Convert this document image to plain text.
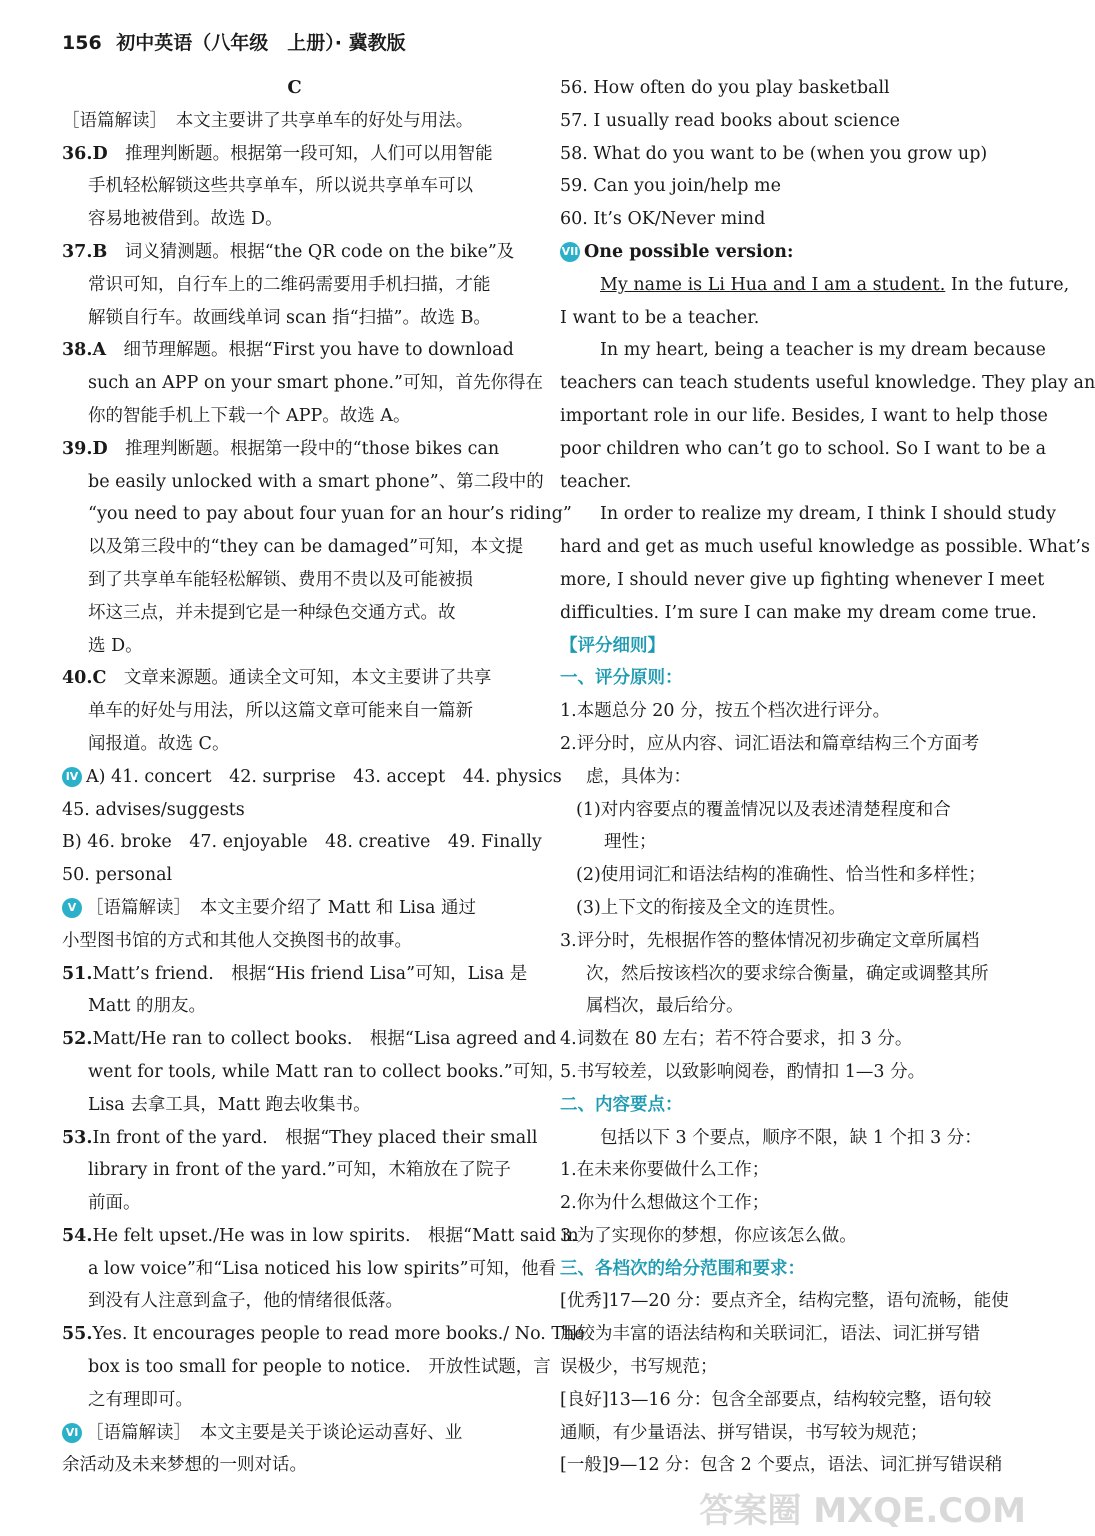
156 初中英语（八年级　上册）· 冀教版
C
［语篇解读］　本文主要讲了共享单车的好处与用法。
36.D　 推理判断题。根据第一段可知，人们可以用智能
手机轻松解锁这些共享单车，所以说共享单车可以
容易地被借到。故选 D。
37.B　 词义猜测题。根据“the QR code on the bike”及
常识可知，自行车上的二维码需要用手机扫描，才能
解锁自行车。故画线单词 scan 指“扫描”。故选 B。
38.A　 细节理解题。根据“First you have to download
such an APP on your smart phone.”可知，首先你得在
你的智能手机上下载一个 APP。故选 A。
39.D　 推理判断题。根据第一段中的“those bikes can
be easily unlocked with a smart phone”、第二段中的
“you need to pay about four yuan for an hour’s riding”
以及第三段中的“they can be damaged”可知，本文提
到了共享单车能轻松解锁、费用不贵以及可能被损
坏这三点，并未提到它是一种绿色交通方式。故
选 D。
40.C　 文章来源题。通读全文可知，本文主要讲了共享
单车的好处与用法，所以这篇文章可能来自一篇新
闻报道。故选 C。
IV A) 41. concert　42. surprise　43. accept　44. physics
45. advises/suggests
B) 46. broke　47. enjoyable　48. creative　49. Finally
50. personal
V ［语篇解读］　本文主要介绍了 Matt 和 Lisa 通过
小型图书馆的方式和其他人交换图书的故事。
51.Matt’s friend.　根据“His friend Lisa”可知，Lisa 是
Matt 的朋友。
52.Matt/He ran to collect books.　根据“Lisa agreed and
went for tools, while Matt ran to collect books.”可知，
Lisa 去拿工具，Matt 跑去收集书。
53.In front of the yard.　根据“They placed their small
library in front of the yard.”可知，木箱放在了院子
前面。
54.He felt upset./He was in low spirits.　根据“Matt said in
a low voice”和“Lisa noticed his low spirits”可知，他看
到没有人注意到盒子，他的情绪很低落。
55.Yes. It encourages people to read more books./ No. The
box is too small for people to notice.　开放性试题，言
之有理即可。
VI ［语篇解读］　本文主要是关于谈论运动喜好、业
余活动及未来梦想的一则对话。
56. How often do you play basketball
57. I usually read books about science
58. What do you want to be (when you grow up)
59. Can you join/help me
60. It’s OK/Never mind
VII One possible version:
My name is Li Hua and I am a student. In the future,
I want to be a teacher.
In my heart, being a teacher is my dream because
teachers can teach students useful knowledge. They play an
important role in our life. Besides, I want to help those
poor children who can’t go to school. So I want to be a
teacher.
In order to realize my dream, I think I should study
hard and get as much useful knowledge as possible. What’s
more, I should never give up fighting whenever I meet
difficulties. I’m sure I can make my dream come true.
【评分细则】
一、评分原则：
1.本题总分 20 分，按五个档次进行评分。
2.评分时，应从内容、词汇语法和篇章结构三个方面考
虑，具体为：
(1)对内容要点的覆盖情况以及表述清楚程度和合
理性；
(2)使用词汇和语法结构的准确性、恰当性和多样性；
(3)上下文的衔接及全文的连贯性。
3.评分时，先根据作答的整体情况初步确定文章所属档
次，然后按该档次的要求综合衡量，确定或调整其所
属档次，最后给分。
4.词数在 80 左右；若不符合要求，扣 3 分。
5.书写较差，以致影响阅卷，酌情扣 1—3 分。
二、内容要点：
包括以下 3 个要点，顺序不限，缺 1 个扣 3 分：
1.在未来你要做什么工作；
2.你为什么想做这个工作；
3.为了实现你的梦想，你应该怎么做。
三、各档次的给分范围和要求：
[优秀]17—20 分：要点齐全，结构完整，语句流畅，能使
用较为丰富的语法结构和关联词汇，语法、词汇拼写错
误极少，书写规范；
[良好]13—16 分：包含全部要点，结构较完整，语句较
通顺，有少量语法、拼写错误，书写较为规范；
[一般]9—12 分：包含 2 个要点，语法、词汇拼写错误稍
答案圈 MXQE.COM
